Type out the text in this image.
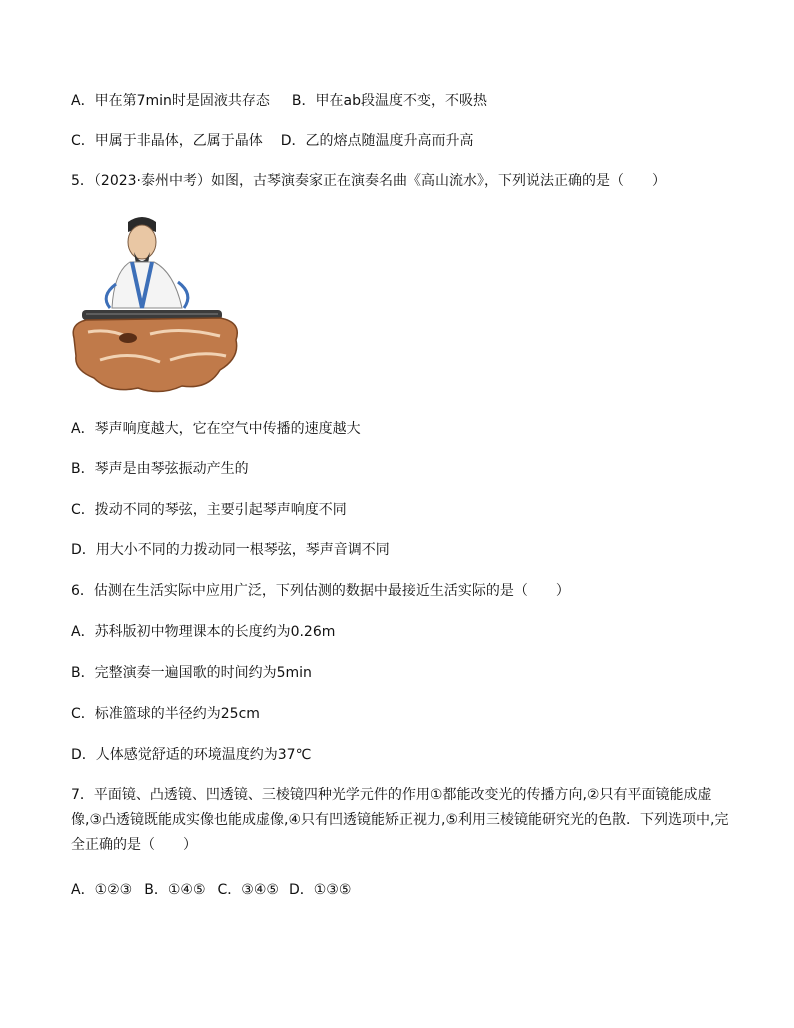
A．甲在第7min时是固液共存态 B．甲在ab段温度不变，不吸热
C．甲属于非晶体，乙属于晶体 D．乙的熔点随温度升高而升高
5．（2023·泰州中考）如图，古琴演奏家正在演奏名曲《高山流水》，下列说法正确的是（　　）
A．琴声响度越大，它在空气中传播的速度越大
B．琴声是由琴弦振动产生的
C．拨动不同的琴弦，主要引起琴声响度不同
D．用大小不同的力拨动同一根琴弦，琴声音调不同
6．估测在生活实际中应用广泛，下列估测的数据中最接近生活实际的是（　　）
A．苏科版初中物理课本的长度约为0.26m
B．完整演奏一遍国歌的时间约为5min
C．标准篮球的半径约为25cm
D．人体感觉舒适的环境温度约为37℃
7．平面镜、凸透镜、凹透镜、三棱镜四种光学元件的作用①都能改变光的传播方向,②只有平面镜能成虚像,③凸透镜既能成实像也能成虚像,④只有凹透镜能矫正视力,⑤利用三棱镜能研究光的色散．下列选项中,完全正确的是（　　）
A．①②③ B．①④⑤ C．③④⑤ D．①③⑤
